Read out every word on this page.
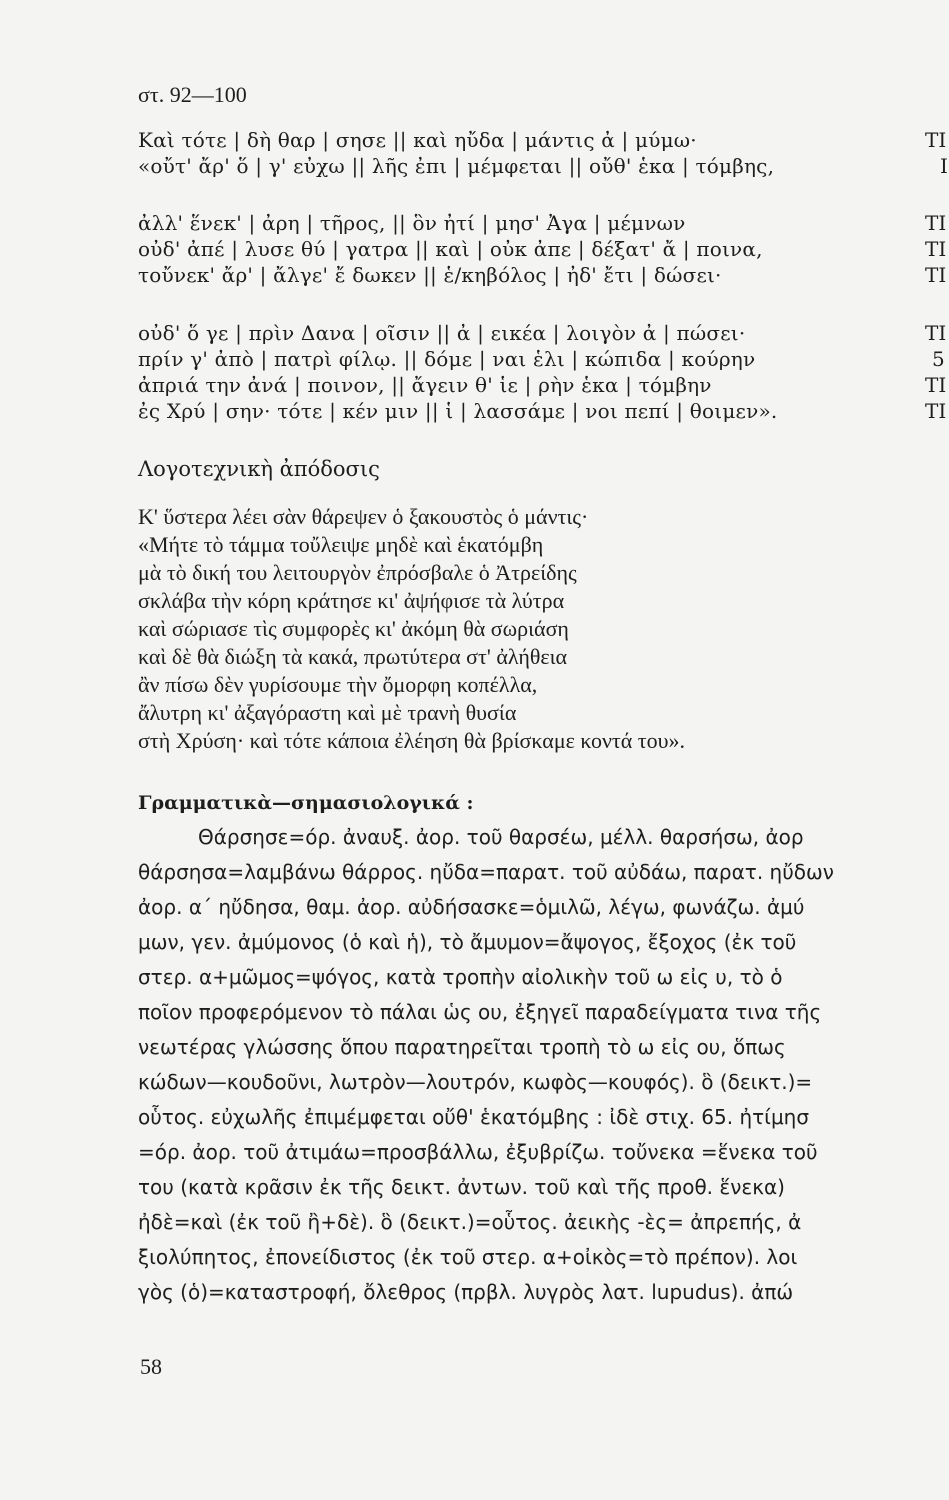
στ. 92—100
Καὶ τότε | δὴ θαρ | σησε || καὶ ηὔδα | μάντις ἀ | μύμω·	ΤΙ
«οὔτ' ἄρ' ὅ | γ' εὐχω || λῆς ἐπι | μέμφεται || οὔθ' ἑκα | τόμβης,	Ι
ἀλλ' ἕνεκ' | ἀρη | τῆρος, || ὃν ἠτί | μησ' Ἀγα | μέμνων	ΤΙ
οὐδ' ἀπέ | λυσε θύ | γατρα || καὶ | οὐκ ἀπε | δέξατ' ἄ | ποινα,	ΤΙ
τοὔνεκ' ἄρ' | ἄλγε' ἔ δωκεν || ἑ/κηβόλος | ἠδ' ἔτι | δώσει·	ΤΙ
οὐδ' ὅ γε | πρὶν Δανα | οῖσιν || ἀ | εικέα | λοιγὸν ἀ | πώσει·	ΤΙ
πρίν γ' ἀπὸ | πατρὶ φίλῳ. || δόμε | ναι ἑλι | κώπιδα | κούρην	5
ἀπριά την ἀνά | ποινον, || ἄγειν θ' ἱε | ρὴν ἑκα | τόμβην	ΤΙ
ἐς Χρύ | σην· τότε | κέν μιν || ἱ | λασσάμε | νοι πεπί | θοιμεν».	ΤΙ
Λογοτεχνικὴ ἀπόδοσις
Κ' ὕστερα λέει σὰν θάρεψεν ὁ ξακουστὸς ὁ μάντις·
«Μήτε τὸ τάμμα τοὔλειψε μηδὲ καὶ ἑκατόμβη
μὰ τὸ δική του λειτουργὸν ἐπρόσβαλε ὁ Ἀτρείδης
σκλάβα τὴν κόρη κράτησε κι' ἀψήφισε τὰ λύτρα
καὶ σώριασε τὶς συμφορὲς κι' ἀκόμη θὰ σωριάση
καὶ δὲ θὰ διώξη τὰ κακά, πρωτύτερα στ' ἀλήθεια
ἂν πίσω δὲν γυρίσουμε τὴν ὄμορφη κοπέλλα,
ἄλυτρη κι' ἀξαγόραστη καὶ μὲ τρανὴ θυσία
στὴ Χρύση· καὶ τότε κάποια ἐλέηση θὰ βρίσκαμε κοντά του».
Γραμματικὰ—σημασιολογικά :
Θάρσησε=όρ. ἀναυξ. ἀορ. τοῦ θαρσέω, μέλλ. θαρσήσω, ἀορ
θάρσησα=λαμβάνω θάρρος. ηὔδα=παρατ. τοῦ αὐδάω, παρατ. ηὔδων
ἀορ. α΄ ηὔδησα, θαμ. ἀορ. αὐδήσασκε=ὁμιλῶ, λέγω, φωνάζω. ἀμύ
μων, γεν. ἀμύμονος (ὁ καὶ ἡ), τὸ ἄμυμον=ἄψογος, ἔξοχος (ἐκ τοῦ
στερ. α+μῶμος=ψόγος, κατὰ τροπὴν αἰολικὴν τοῦ ω εἰς υ, τὸ ὁ
ποῖον προφερόμενον τὸ πάλαι ὡς ου, ἐξηγεῖ παραδείγματα τινα τῆς
νεωτέρας γλώσσης ὅπου παρατηρεῖται τροπὴ τὸ ω εἰς ου, ὅπως
κώδων—κουδοῦνι, λωτρὸν—λουτρόν, κωφὸς—κουφός). ὃ (δεικτ.)=
οὗτος. εὐχωλῆς ἐπιμέμφεται οὔθ' ἑκατόμβης : ἰδὲ στιχ. 65. ἠτίμησ
=όρ. ἀορ. τοῦ ἀτιμάω=προσβάλλω, ἐξυβρίζω. τοὔνεκα =ἕνεκα τοῦ
του (κατὰ κρᾶσιν ἐκ τῆς δεικτ. ἀντων. τοῦ καὶ τῆς προθ. ἕνεκα)
ἠδὲ=καὶ (ἐκ τοῦ ἢ+δὲ). ὃ (δεικτ.)=οὗτος. ἀεικὴς -ὲς= ἀπρεπής, ἀ
ξιολύπητος, ἐπονείδιστος (ἐκ τοῦ στερ. α+οἰκὸς=τὸ πρέπον). λοι
γὸς (ὁ)=καταστροφή, ὄλεθρος (πρβλ. λυγρὸς λατ. lupudus). ἀπώ
58
